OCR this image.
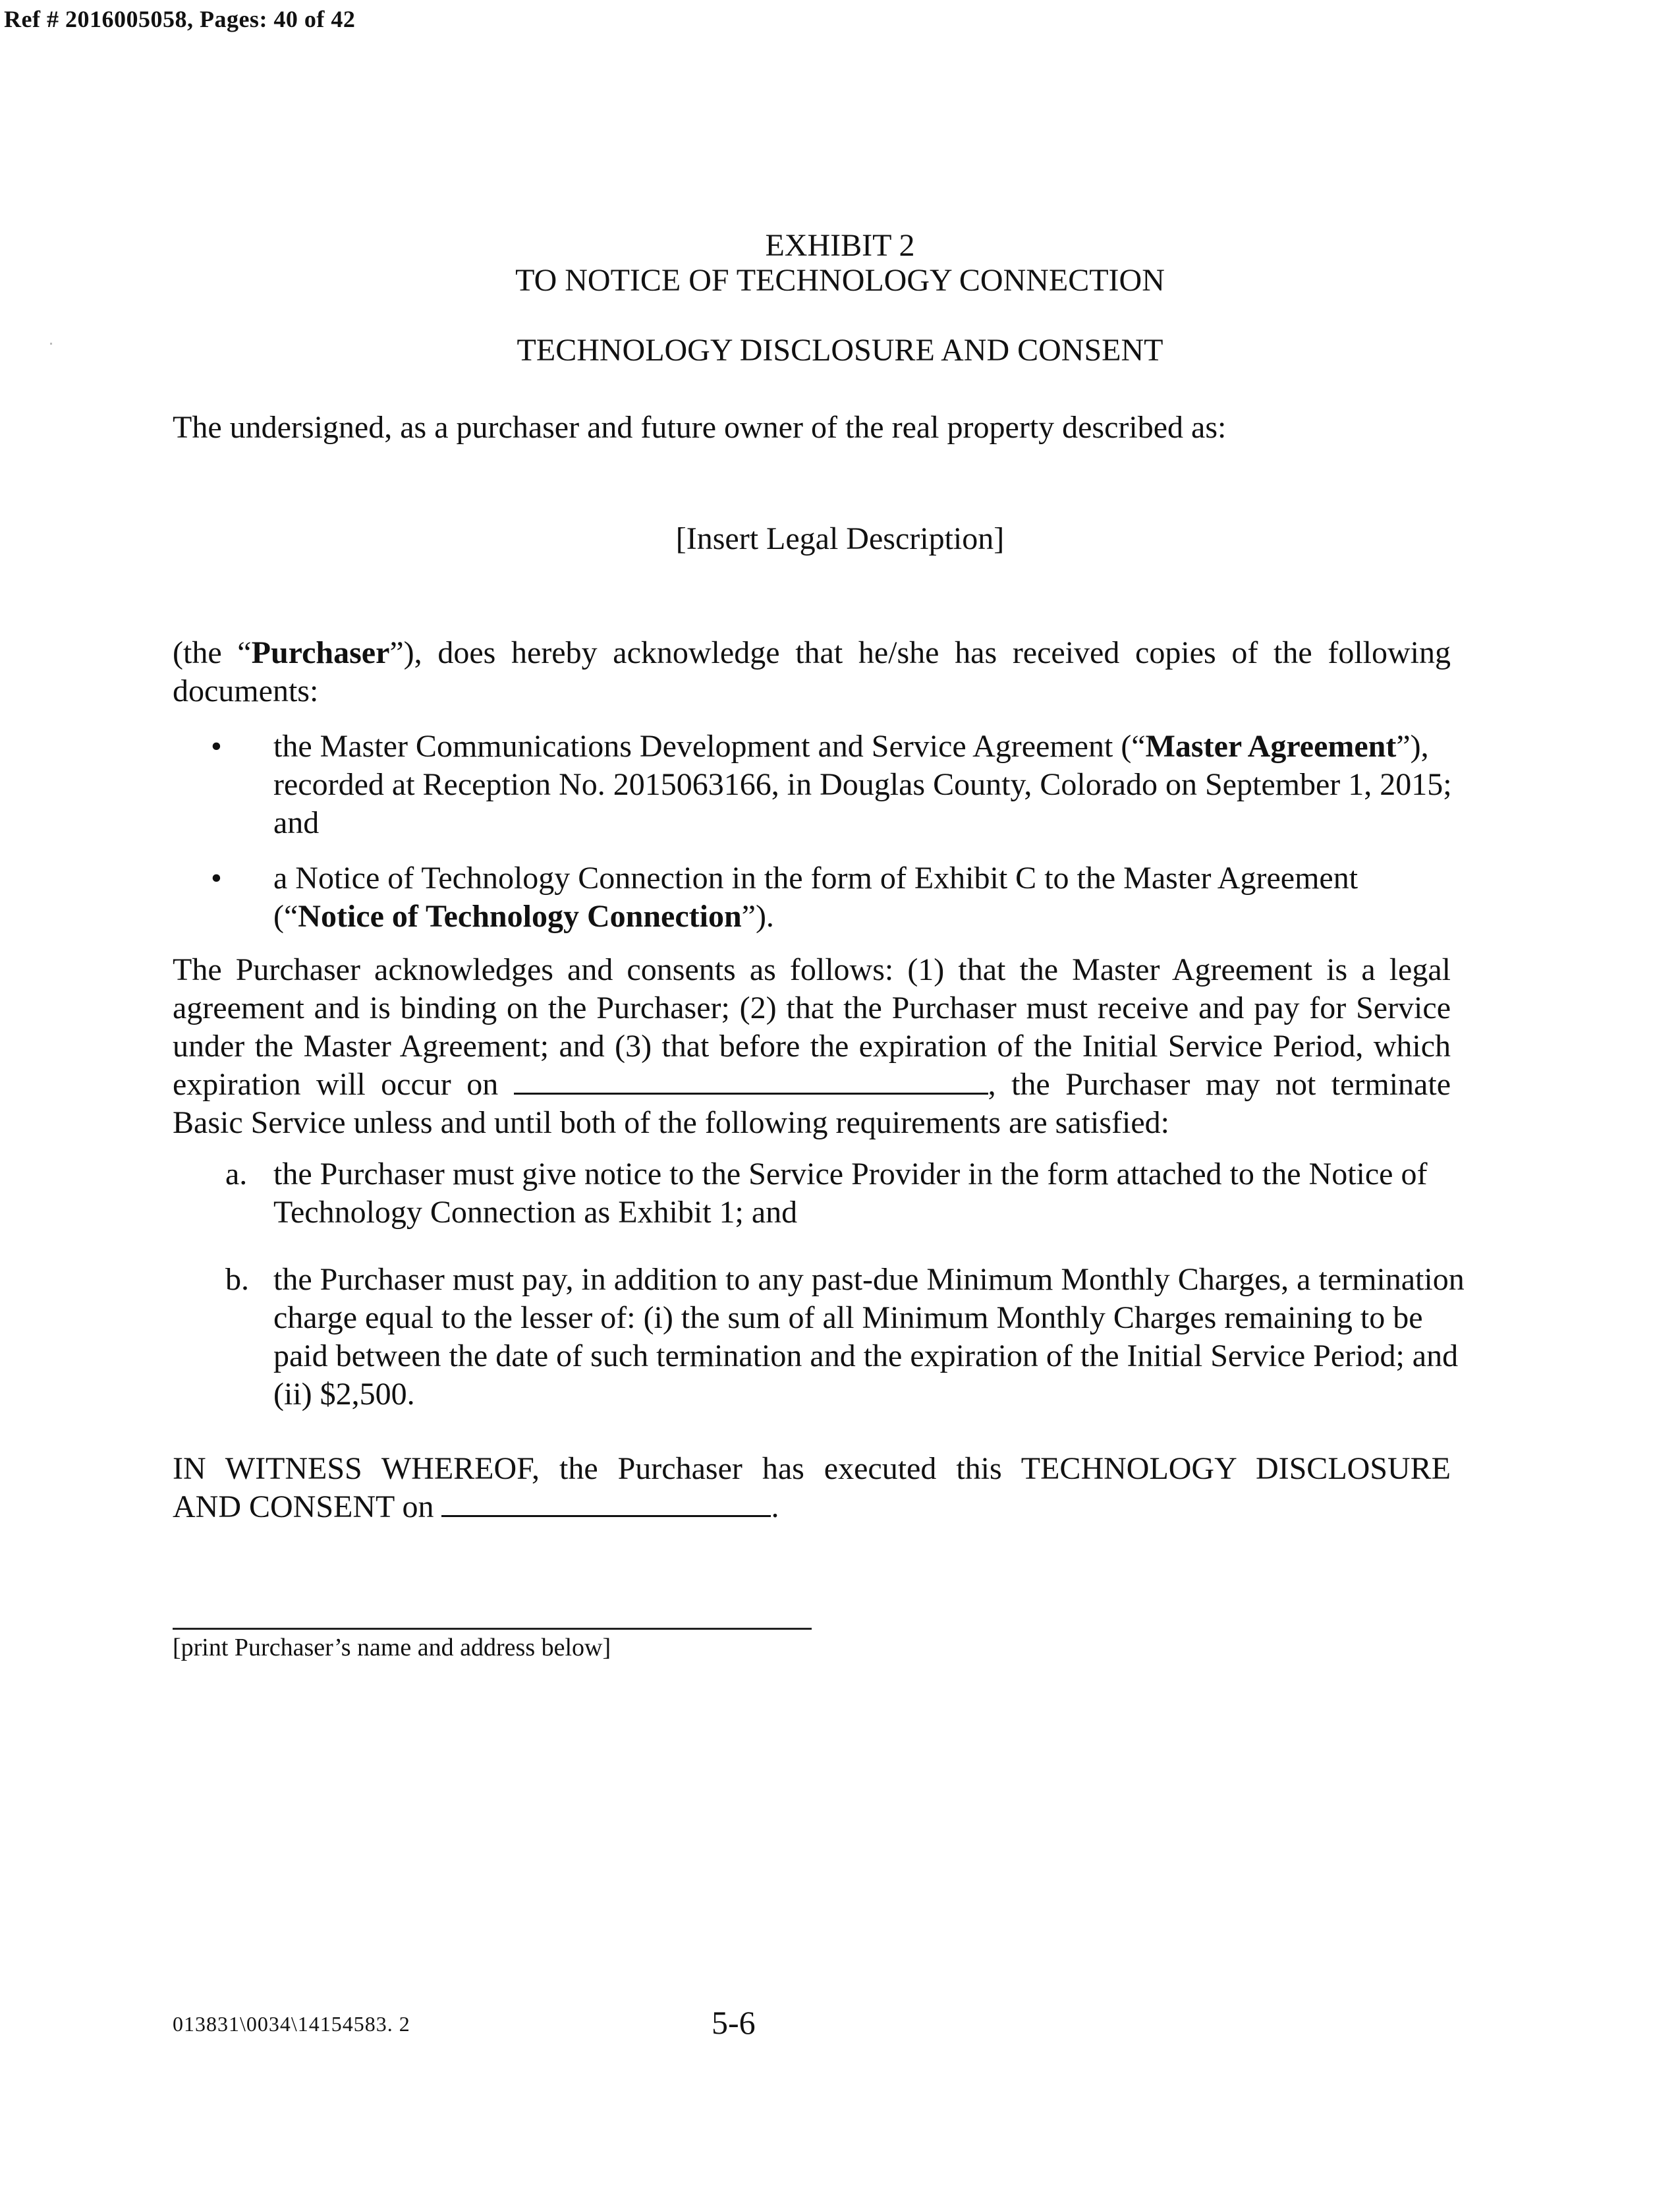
Ref # 2016005058, Pages: 40 of 42
EXHIBIT 2
TO NOTICE OF TECHNOLOGY CONNECTION
TECHNOLOGY DISCLOSURE AND CONSENT
The undersigned, as a purchaser and future owner of the real property described as:
[Insert Legal Description]
(the “Purchaser”), does hereby acknowledge that he/she has received copies of the following documents:
•	the Master Communications Development and Service Agreement (“Master Agreement”), recorded at Reception No. 2015063166, in Douglas County, Colorado on September 1, 2015; and
•	a Notice of Technology Connection in the form of Exhibit C to the Master Agreement (“Notice of Technology Connection”).
The Purchaser acknowledges and consents as follows: (1) that the Master Agreement is a legal agreement and is binding on the Purchaser; (2) that the Purchaser must receive and pay for Service under the Master Agreement; and (3) that before the expiration of the Initial Service Period, which expiration will occur on	, the Purchaser may not terminate Basic Service unless and until both of the following requirements are satisfied:
a. the Purchaser must give notice to the Service Provider in the form attached to the Notice of Technology Connection as Exhibit 1; and
b. the Purchaser must pay, in addition to any past-due Minimum Monthly Charges, a termination charge equal to the lesser of: (i) the sum of all Minimum Monthly Charges remaining to be paid between the date of such termination and the expiration of the Initial Service Period; and (ii) $2,500.
IN WITNESS WHEREOF, the Purchaser has executed this TECHNOLOGY DISCLOSURE
AND CONSENT on	.
[print Purchaser’s name and address below]
013831\0034\14154583. 2	5-6
